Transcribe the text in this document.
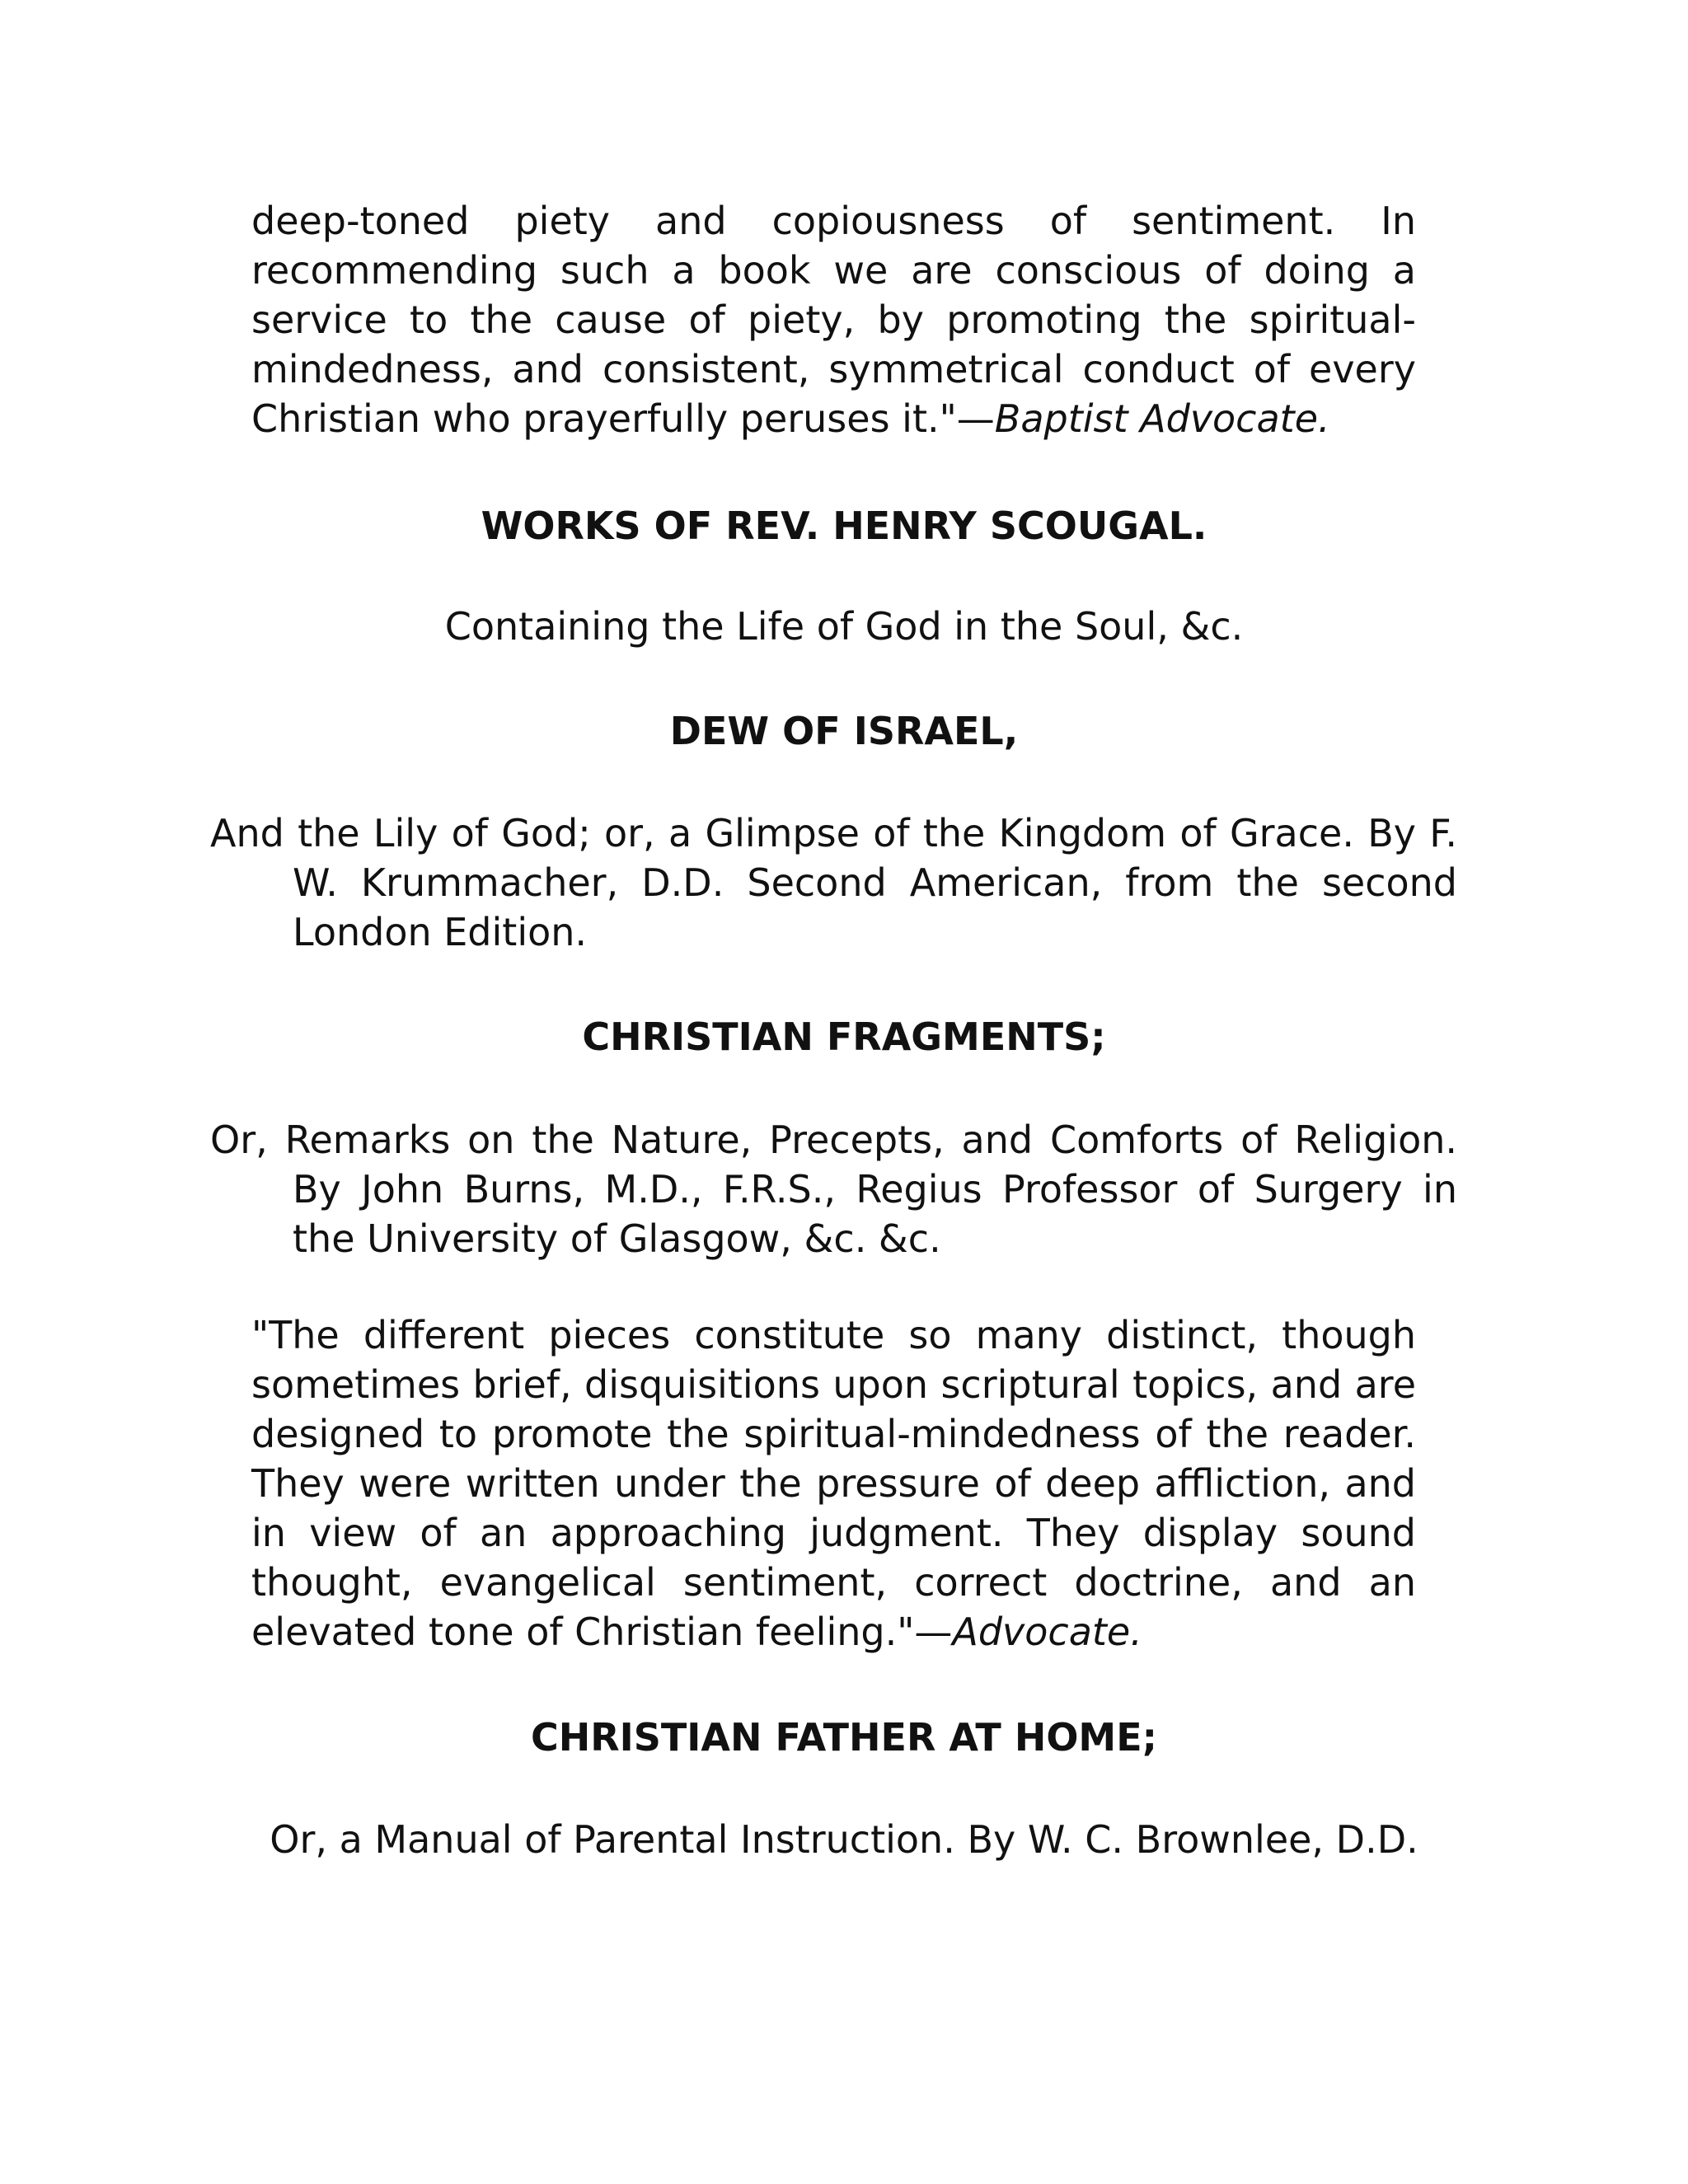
deep-toned piety and copiousness of sentiment. In recommending such a book we are conscious of doing a service to the cause of piety, by promoting the spiritual-mindedness, and consistent, symmetrical conduct of every Christian who prayerfully peruses it."—Baptist Advocate.

WORKS OF REV. HENRY SCOUGAL.

Containing the Life of God in the Soul, &c.

DEW OF ISRAEL,

And the Lily of God; or, a Glimpse of the Kingdom of Grace. By F. W. Krummacher, D.D. Second American, from the second London Edition.

CHRISTIAN FRAGMENTS;

Or, Remarks on the Nature, Precepts, and Comforts of Religion. By John Burns, M.D., F.R.S., Regius Professor of Surgery in the University of Glasgow, &c. &c.

"The different pieces constitute so many distinct, though sometimes brief, disquisitions upon scriptural topics, and are designed to promote the spiritual-mindedness of the reader. They were written under the pressure of deep affliction, and in view of an approaching judgment. They display sound thought, evangelical sentiment, correct doctrine, and an elevated tone of Christian feeling."—Advocate.

CHRISTIAN FATHER AT HOME;

Or, a Manual of Parental Instruction. By W. C. Brownlee, D.D.
